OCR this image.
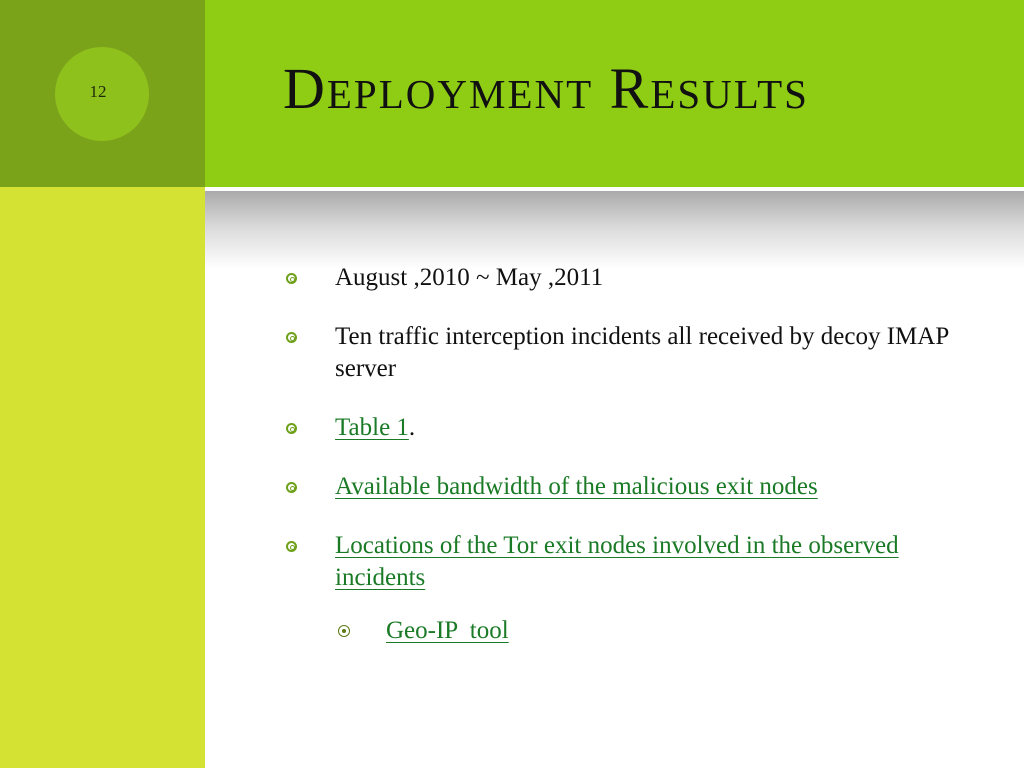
12	Deployment Results
August ,2010 ~ May ,2011
Ten traffic interception incidents all received by decoy IMAP server
Table 1.
Available bandwidth of the malicious exit nodes
Locations of the Tor exit nodes involved in the observed incidents
Geo-IP  tool
